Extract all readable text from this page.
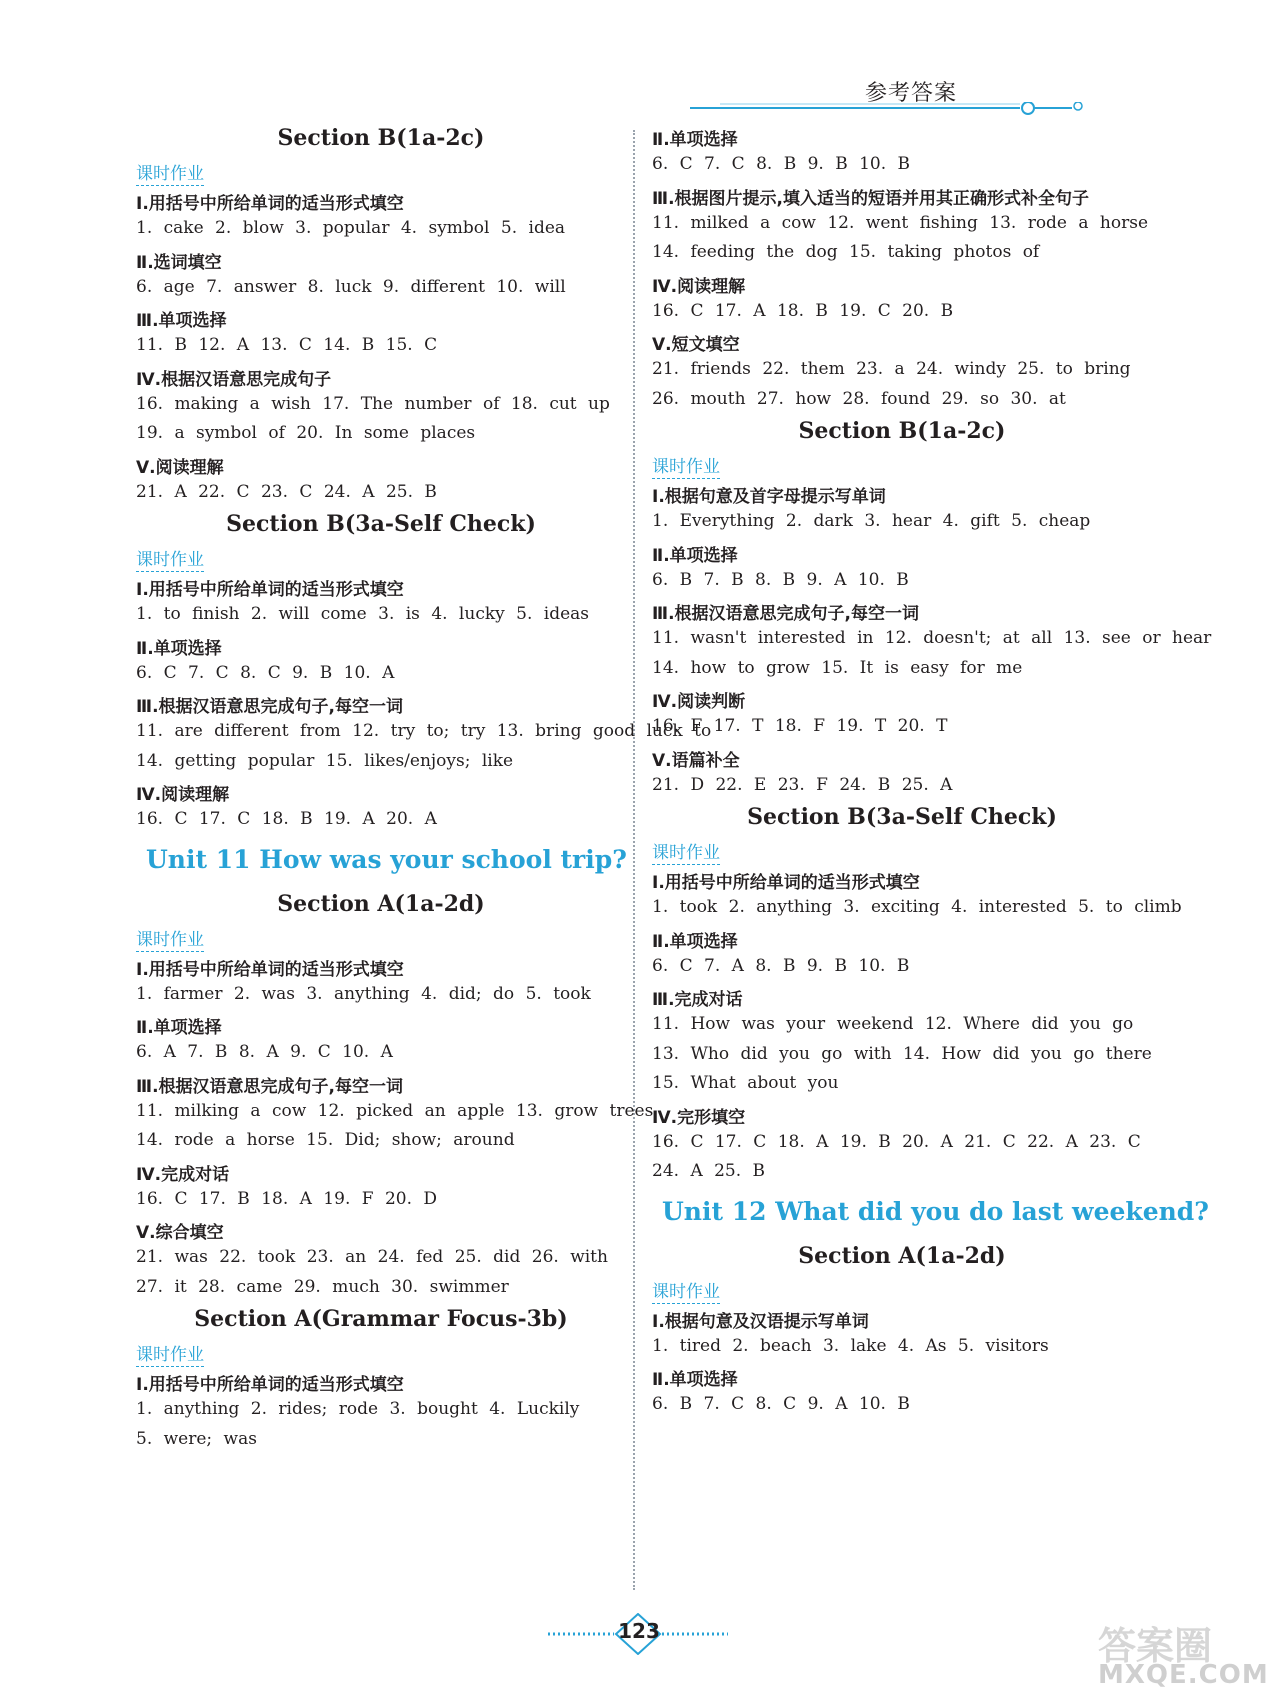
参考答案
Section B(1a-2c)
课时作业
Ⅰ.用括号中所给单词的适当形式填空
1. cake 2. blow 3. popular 4. symbol 5. idea
Ⅱ.选词填空
6. age 7. answer 8. luck 9. different 10. will
Ⅲ.单项选择
11. B 12. A 13. C 14. B 15. C
Ⅳ.根据汉语意思完成句子
16. making a wish 17. The number of 18. cut up
19. a symbol of 20. In some places
Ⅴ.阅读理解
21. A 22. C 23. C 24. A 25. B
Section B(3a-Self Check)
课时作业
Ⅰ.用括号中所给单词的适当形式填空
1. to finish 2. will come 3. is 4. lucky 5. ideas
Ⅱ.单项选择
6. C 7. C 8. C 9. B 10. A
Ⅲ.根据汉语意思完成句子,每空一词
11. are different from 12. try to; try 13. bring good luck to
14. getting popular 15. likes/enjoys; like
Ⅳ.阅读理解
16. C 17. C 18. B 19. A 20. A
Unit 11 How was your school trip?
Section A(1a-2d)
课时作业
Ⅰ.用括号中所给单词的适当形式填空
1. farmer 2. was 3. anything 4. did; do 5. took
Ⅱ.单项选择
6. A 7. B 8. A 9. C 10. A
Ⅲ.根据汉语意思完成句子,每空一词
11. milking a cow 12. picked an apple 13. grow trees
14. rode a horse 15. Did; show; around
Ⅳ.完成对话
16. C 17. B 18. A 19. F 20. D
Ⅴ.综合填空
21. was 22. took 23. an 24. fed 25. did 26. with
27. it 28. came 29. much 30. swimmer
Section A(Grammar Focus-3b)
课时作业
Ⅰ.用括号中所给单词的适当形式填空
1. anything 2. rides; rode 3. bought 4. Luckily
5. were; was
Ⅱ.单项选择
6. C 7. C 8. B 9. B 10. B
Ⅲ.根据图片提示,填入适当的短语并用其正确形式补全句子
11. milked a cow 12. went fishing 13. rode a horse
14. feeding the dog 15. taking photos of
Ⅳ.阅读理解
16. C 17. A 18. B 19. C 20. B
Ⅴ.短文填空
21. friends 22. them 23. a 24. windy 25. to bring
26. mouth 27. how 28. found 29. so 30. at
Section B(1a-2c)
课时作业
Ⅰ.根据句意及首字母提示写单词
1. Everything 2. dark 3. hear 4. gift 5. cheap
Ⅱ.单项选择
6. B 7. B 8. B 9. A 10. B
Ⅲ.根据汉语意思完成句子,每空一词
11. wasn't interested in 12. doesn't; at all 13. see or hear
14. how to grow 15. It is easy for me
Ⅳ.阅读判断
16. F 17. T 18. F 19. T 20. T
Ⅴ.语篇补全
21. D 22. E 23. F 24. B 25. A
Section B(3a-Self Check)
课时作业
Ⅰ.用括号中所给单词的适当形式填空
1. took 2. anything 3. exciting 4. interested 5. to climb
Ⅱ.单项选择
6. C 7. A 8. B 9. B 10. B
Ⅲ.完成对话
11. How was your weekend 12. Where did you go
13. Who did you go with 14. How did you go there
15. What about you
Ⅳ.完形填空
16. C 17. C 18. A 19. B 20. A 21. C 22. A 23. C
24. A 25. B
Unit 12 What did you do last weekend?
Section A(1a-2d)
课时作业
Ⅰ.根据句意及汉语提示写单词
1. tired 2. beach 3. lake 4. As 5. visitors
Ⅱ.单项选择
6. B 7. C 8. C 9. A 10. B
123	答案圈
MXQE.COM
